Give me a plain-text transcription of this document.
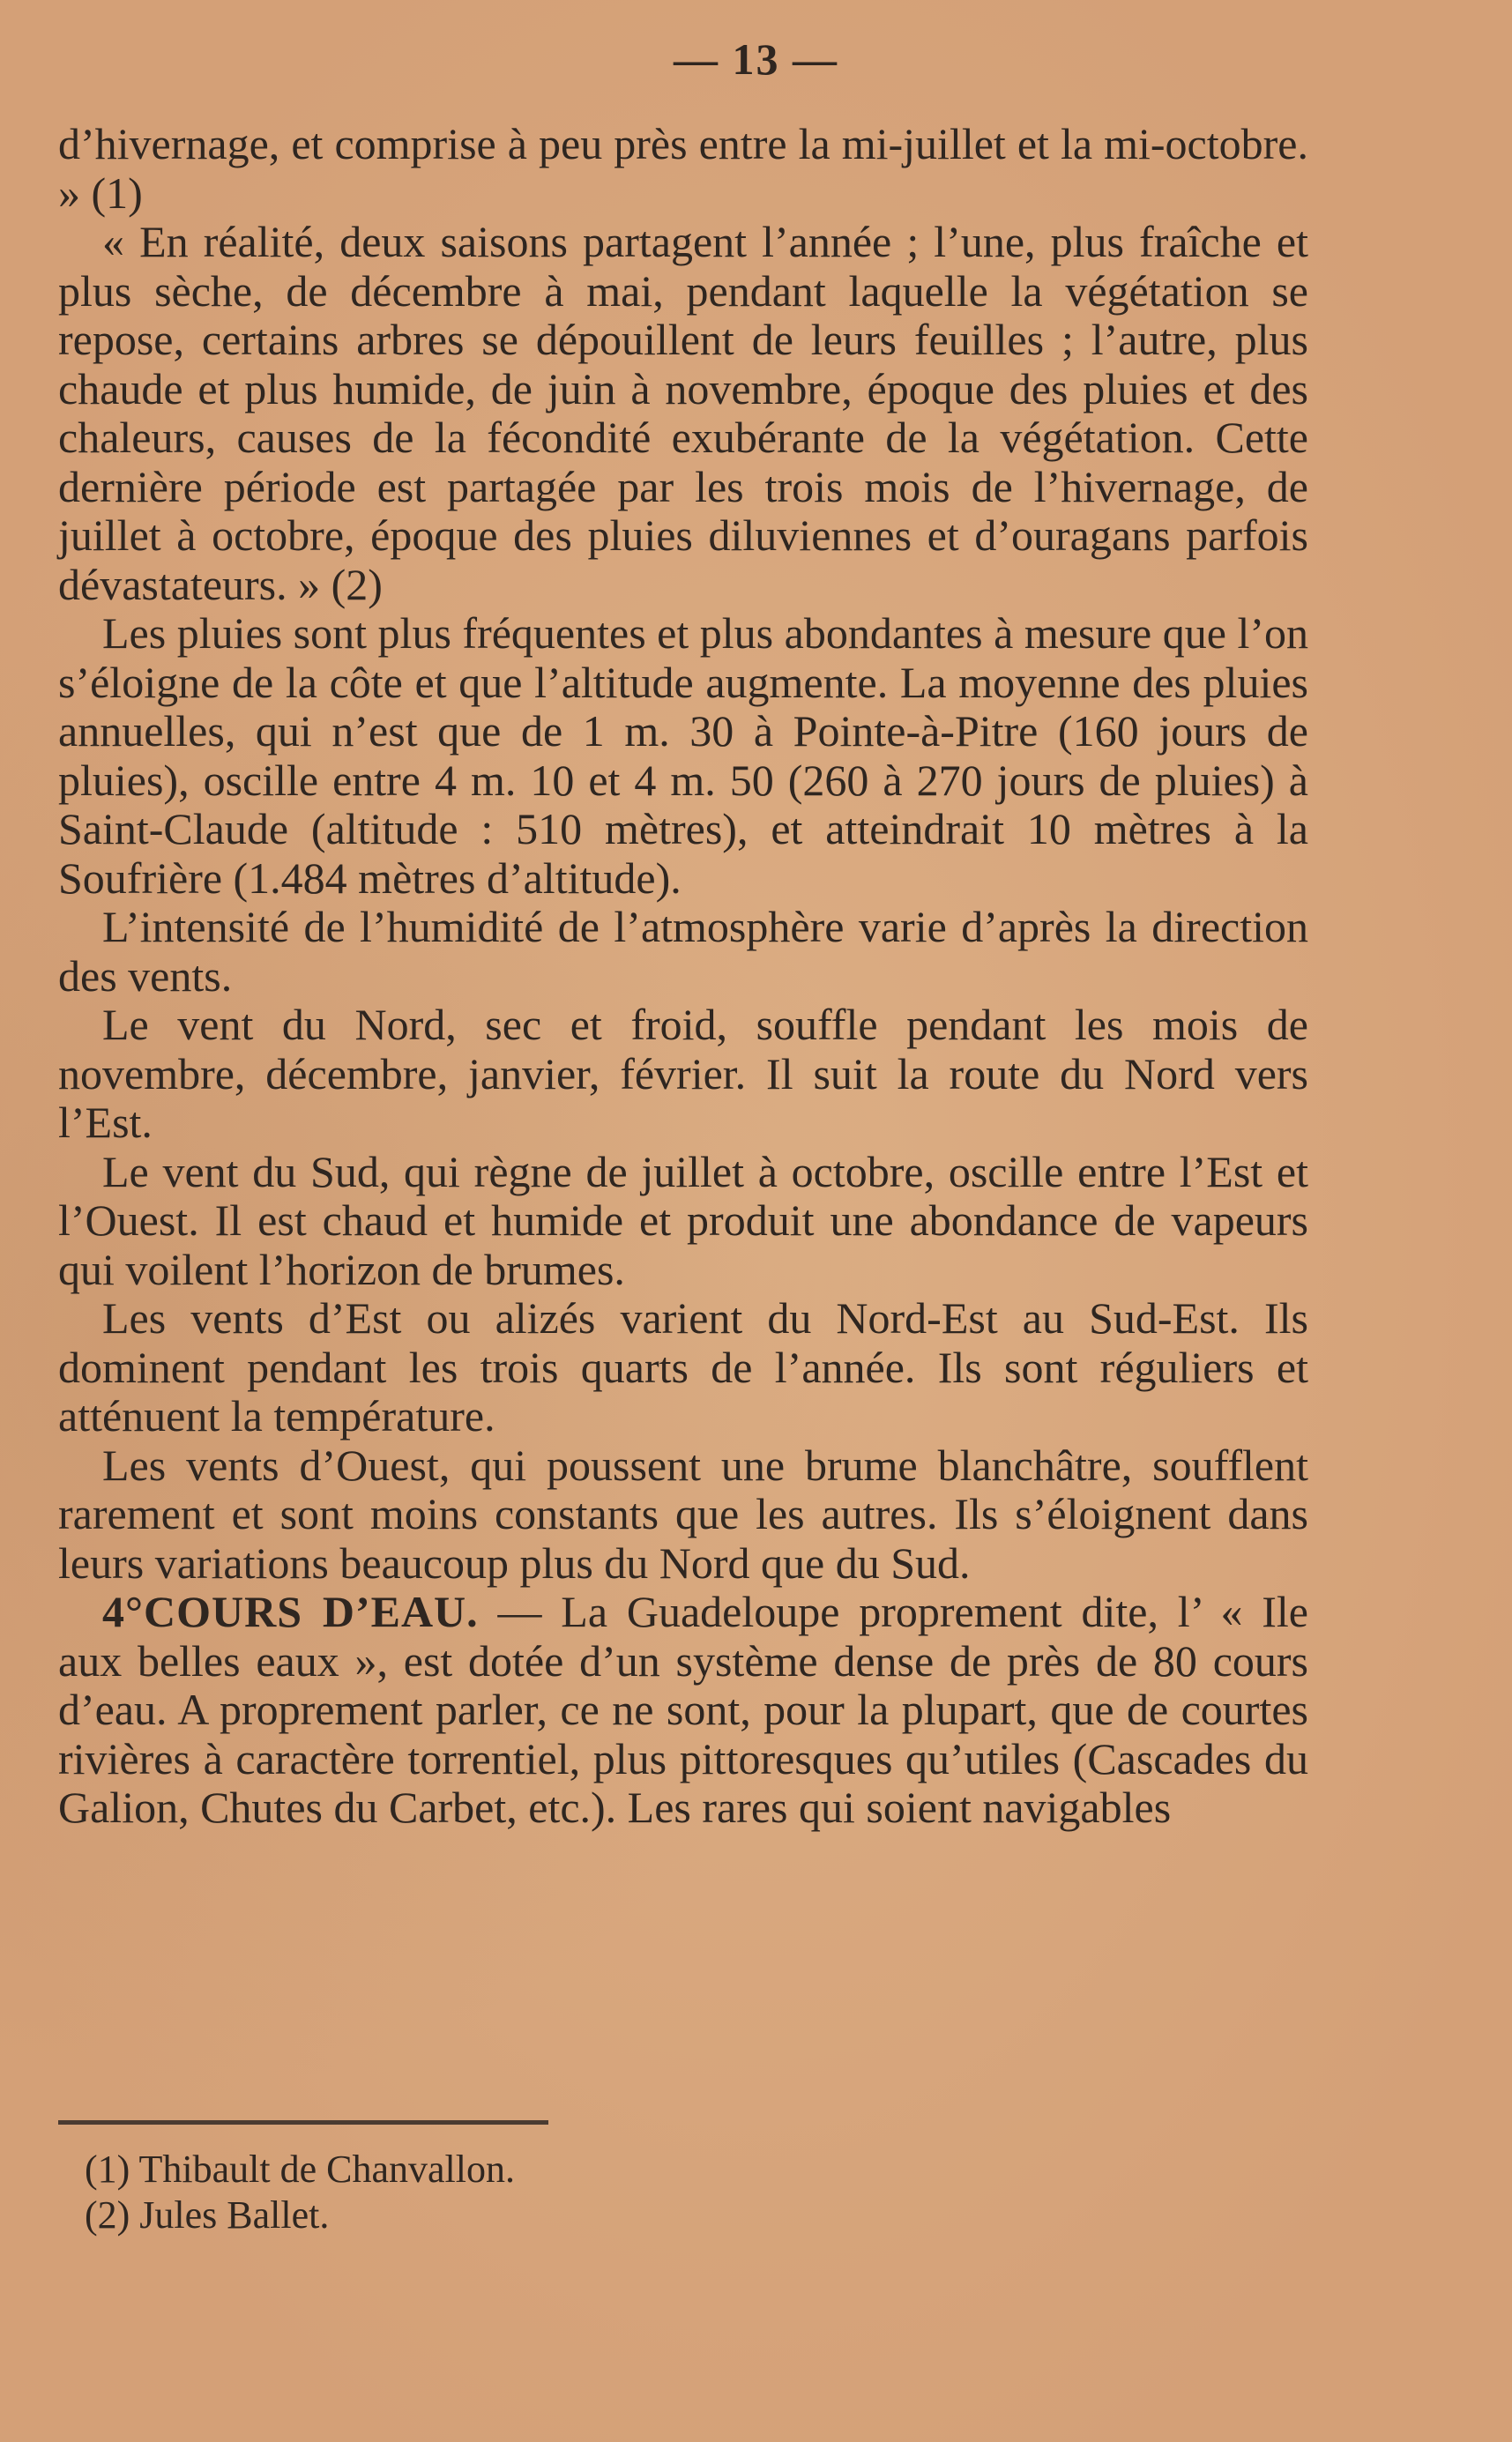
— 13 —

d’hivernage, et comprise à peu près entre la mi-juillet et la mi-octobre. » (1)

« En réalité, deux saisons partagent l’année ; l’une, plus fraîche et plus sèche, de décembre à mai, pendant laquelle la végétation se repose, certains arbres se dépouillent de leurs feuilles ; l’autre, plus chaude et plus humide, de juin à novembre, époque des pluies et des chaleurs, causes de la fécondité exubérante de la végétation. Cette dernière période est partagée par les trois mois de l’hivernage, de juillet à octobre, époque des pluies diluviennes et d’ouragans parfois dévastateurs. » (2)

Les pluies sont plus fréquentes et plus abondantes à mesure que l’on s’éloigne de la côte et que l’altitude augmente. La moyenne des pluies annuelles, qui n’est que de 1 m. 30 à Pointe-à-Pitre (160 jours de pluies), oscille entre 4 m. 10 et 4 m. 50 (260 à 270 jours de pluies) à Saint-Claude (altitude : 510 mètres), et atteindrait 10 mètres à la Soufrière (1.484 mètres d’altitude).

L’intensité de l’humidité de l’atmosphère varie d’après la direction des vents.

Le vent du Nord, sec et froid, souffle pendant les mois de novembre, décembre, janvier, février. Il suit la route du Nord vers l’Est.

Le vent du Sud, qui règne de juillet à octobre, oscille entre l’Est et l’Ouest. Il est chaud et humide et produit une abondance de vapeurs qui voilent l’horizon de brumes.

Les vents d’Est ou alizés varient du Nord-Est au Sud-Est. Ils dominent pendant les trois quarts de l’année. Ils sont réguliers et atténuent la température.

Les vents d’Ouest, qui poussent une brume blanchâtre, soufflent rarement et sont moins constants que les autres. Ils s’éloignent dans leurs variations beaucoup plus du Nord que du Sud.

4°COURS D’EAU. — La Guadeloupe proprement dite, l’ « Ile aux belles eaux », est dotée d’un système dense de près de 80 cours d’eau. A proprement parler, ce ne sont, pour la plupart, que de courtes rivières à caractère torrentiel, plus pittoresques qu’utiles (Cascades du Galion, Chutes du Carbet, etc.). Les rares qui soient navigables

(1) Thibault de Chanvallon.
(2) Jules Ballet.
